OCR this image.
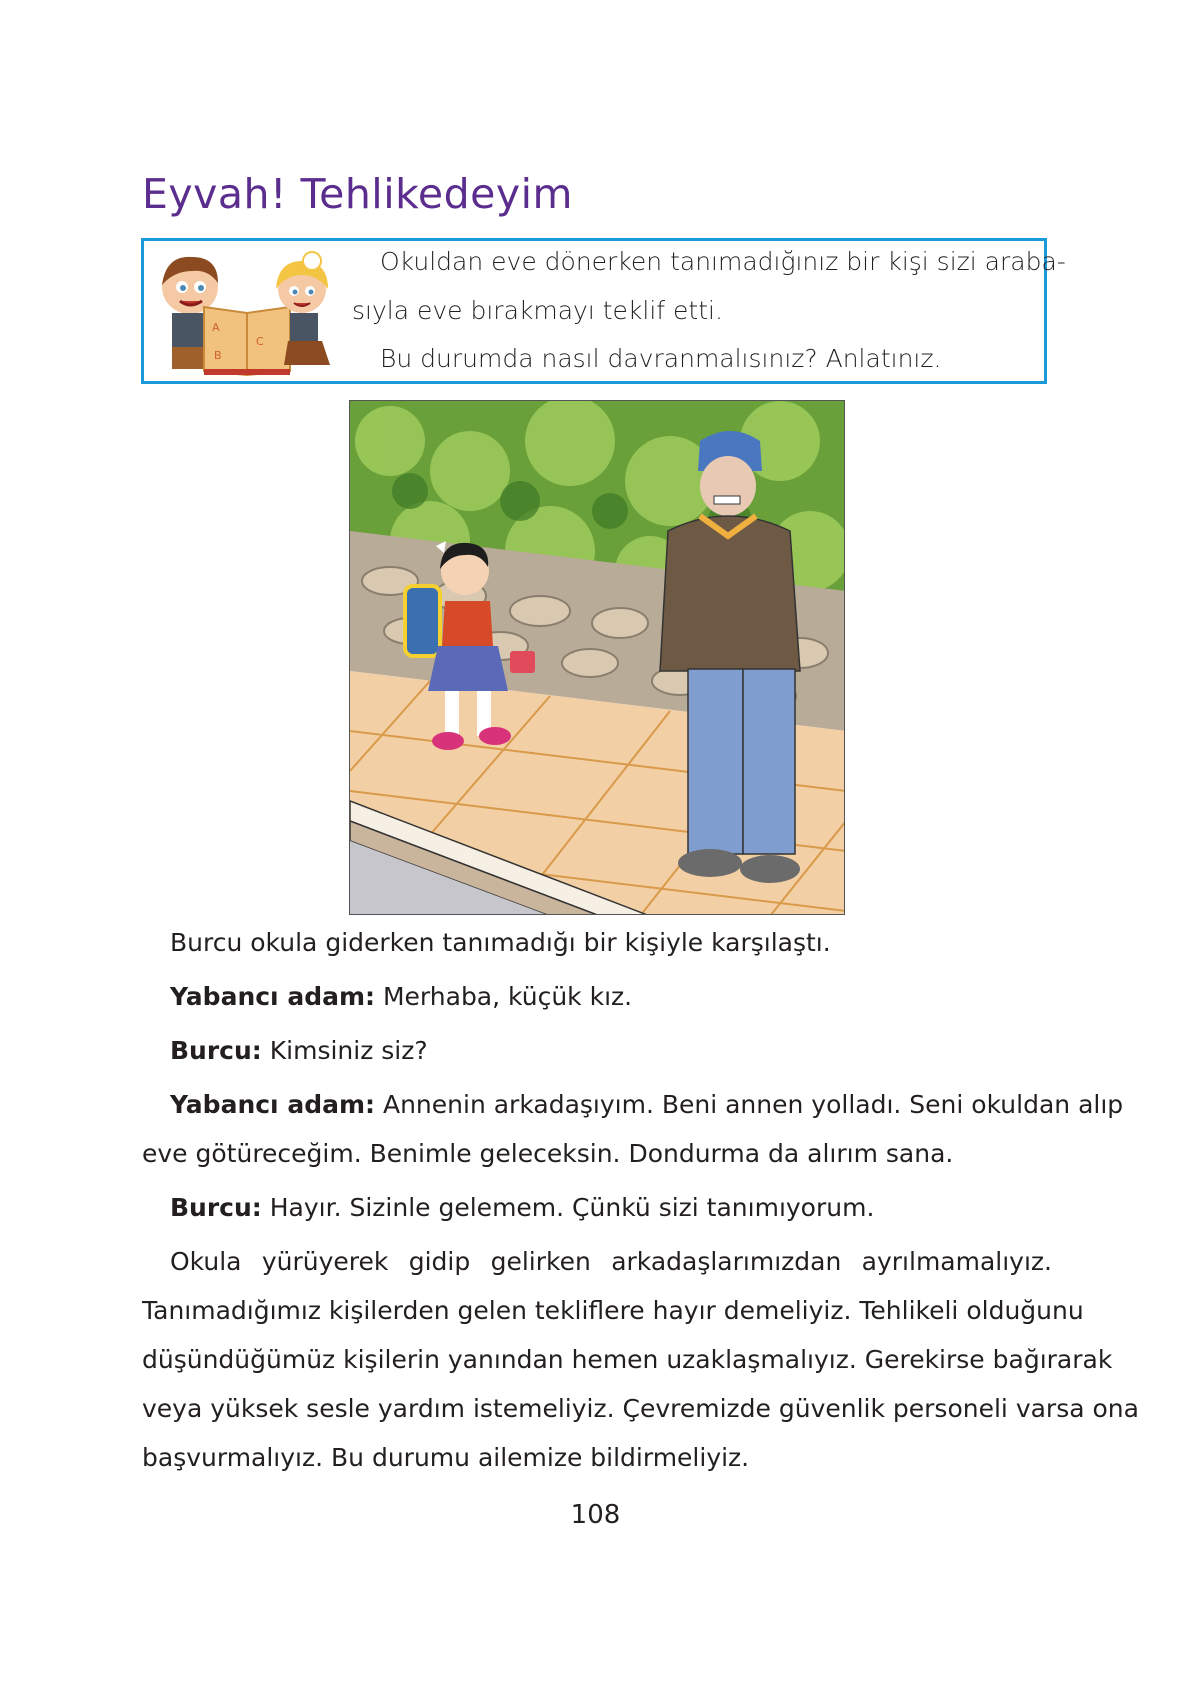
Eyvah! Tehlikedeyim
A
B
C
Okuldan eve dönerken tanımadığınız bir kişi sizi araba-
sıyla eve bırakmayı teklif etti.
Bu durumda nasıl davranmalısınız? Anlatınız.
Burcu okula giderken tanımadığı bir kişiyle karşılaştı.
Yabancı adam: Merhaba, küçük kız.
Burcu: Kimsiniz siz?
Yabancı adam: Annenin arkadaşıyım. Beni annen yolladı. Seni okuldan alıp
eve götüreceğim. Benimle geleceksin. Dondurma da alırım sana.
Burcu: Hayır. Sizinle gelemem. Çünkü sizi tanımıyorum.
Okula yürüyerek gidip gelirken arkadaşlarımızdan ayrılmamalıyız.
Tanımadığımız kişilerden gelen tekliflere hayır demeliyiz. Tehlikeli olduğunu
düşündüğümüz kişilerin yanından hemen uzaklaşmalıyız. Gerekirse bağırarak
veya yüksek sesle yardım istemeliyiz. Çevremizde güvenlik personeli varsa ona
başvurmalıyız. Bu durumu ailemize bildirmeliyiz.
108
